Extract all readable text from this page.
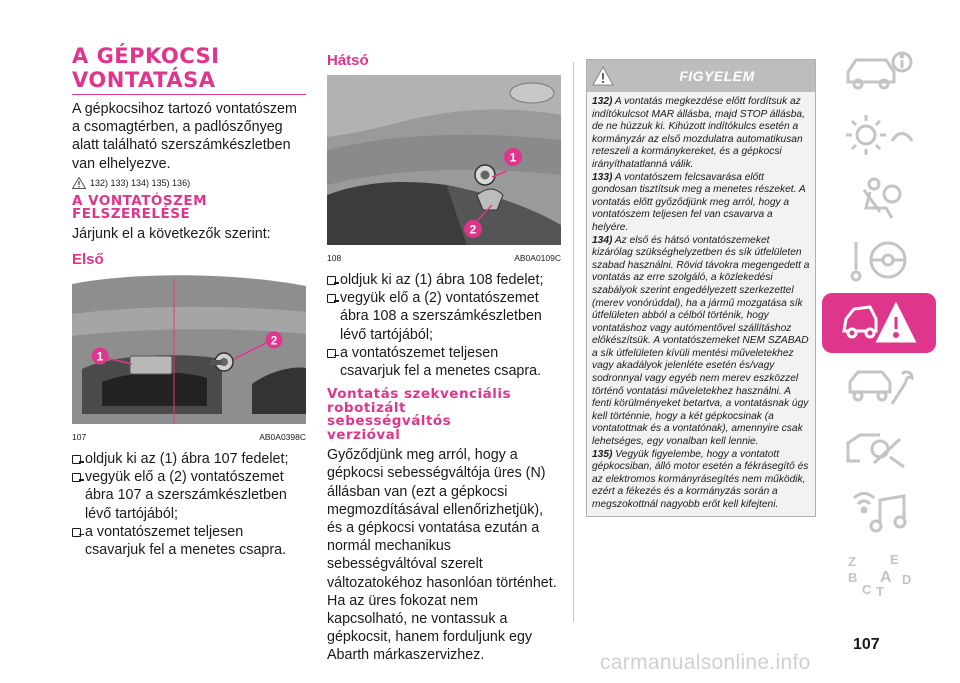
A GÉPKOCSI
VONTATÁSA

A gépkocsihoz tartozó vontatószem a csomagtérben, a padlószőnyeg alatt található szerszámkészletben van elhelyezve.

132) 133) 134) 135) 136)
A VONTATÓSZEM
FELSZERELÉSE

Járjunk el a következők szerint:

Első
1
2
107	AB0A0398C
oldjuk ki az (1) ábra 107 fedelet;
vegyük elő a (2) vontatószemet ábra 107 a szerszámkészletben lévő tartójából;
a vontatószemet teljesen csavarjuk fel a menetes csapra.
Hátsó
1
2
108	AB0A0109C
oldjuk ki az (1) ábra 108 fedelet;
vegyük elő a (2) vontatószemet ábra 108 a szerszámkészletben lévő tartójából;
a vontatószemet teljesen csavarjuk fel a menetes csapra.
Vontatás szekvenciális
robotizált
sebességváltós
verzióval

Győződjünk meg arról, hogy a gépkocsi sebességváltója üres (N) állásban van (ezt a gépkocsi megmozdításával ellenőrizhetjük), és a gépkocsi vontatása ezután a normál mechanikus sebességváltóval szerelt változatokéhoz hasonlóan történhet. Ha az üres fokozat nem kapcsolható, ne vontassuk a gépkocsit, hanem forduljunk egy Abarth márkaszervizhez.

FIGYELEM

132) A vontatás megkezdése előtt fordítsuk az indítókulcsot MAR állásba, majd STOP állásba, de ne húzzuk ki. Kihúzott indítókulcs esetén a kormányzár az első mozdulatra automatikusan reteszeli a kormánykereket, és a gépkocsi irányíthatatlanná válik.

133) A vontatószem felcsavarása előtt gondosan tisztítsuk meg a menetes részeket. A vontatás előtt győződjünk meg arról, hogy a vontatószem teljesen fel van csavarva a helyére.

134) Az első és hátsó vontatószemeket kizárólag szükséghelyzetben és sík útfelületen szabad használni. Rövid távokra megengedett a vontatás az erre szolgáló, a közlekedési szabályok szerint engedélyezett szerkezettel (merev vonórúddal), ha a jármű mozgatása sík útfelületen abból a célból történik, hogy vontatáshoz vagy autómentővel szállításhoz előkészítsük. A vontatószemeket NEM SZABAD a sík útfelületen kívüli mentési műveletekhez vagy akadályok jelenléte esetén és/vagy sodronnyal vagy egyéb nem merev eszközzel történő vontatási műveletekhez használni. A fenti körülményeket betartva, a vontatásnak úgy kell történnie, hogy a két gépkocsinak (a vontatottnak és a vontatónak), amennyire csak lehetséges, egy vonalban kell lennie.

135) Vegyük figyelembe, hogy a vontatott gépkocsiban, álló motor esetén a fékrásegítő és az elektromos kormányrásegítés nem működik, ezért a fékezés és a kormányzás során a megszokottnál nagyobb erőt kell kifejteni.

Z	E
B A
C
D
T
107
carmanualsonline.info
